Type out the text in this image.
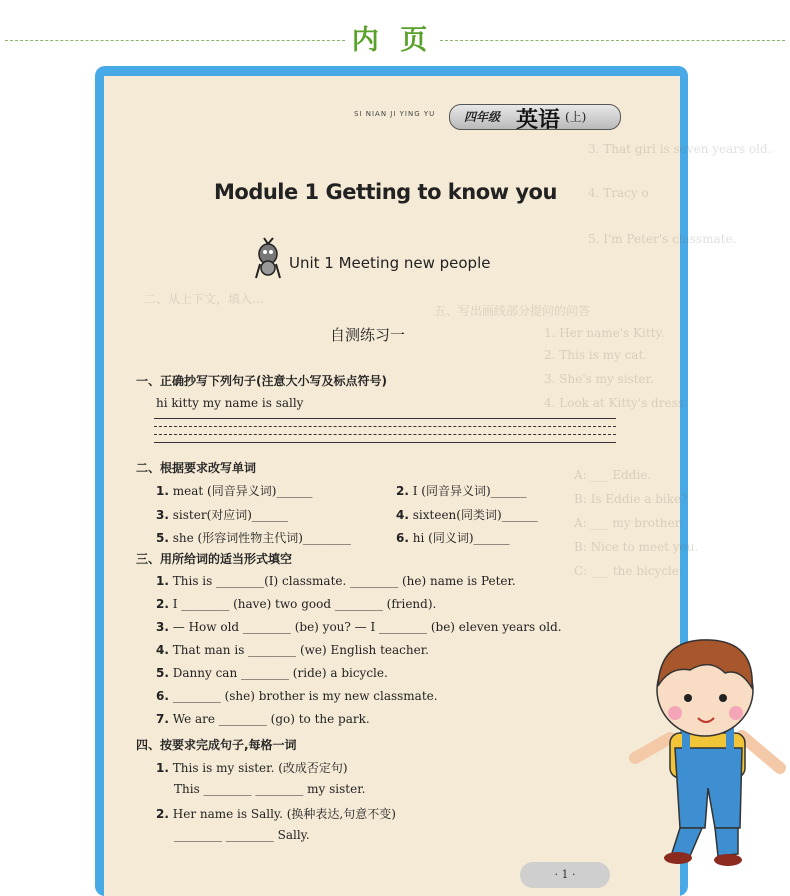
内 页
3. That girl is seven years old.
4. Tracy o
5. I'm Peter's classmate.
二、从上下文，填入…
五、写出画线部分提问的问答
1. Her name's Kitty.
2. This is my cat.
3. She's my sister.
4. Look at Kitty's dress.
A: ___ Eddie.
B: Is Eddie a bike?
A: ___ my brother.
B: Nice to meet you.
C: ___ the bicycle.
SI NIAN JI YING YU 四年级 英语 (上)
Module 1 Getting to know you
Unit 1 Meeting new people
自测练习一
一、正确抄写下列句子(注意大小写及标点符号)
hi kitty my name is sally
二、根据要求改写单词
1. meat (同音异义词)______	2. I (同音异义词)______
3. sister(对应词)______	4. sixteen(同类词)______
5. she (形容词性物主代词)________	6. hi (同义词)______
三、用所给词的适当形式填空
1. This is ________(I) classmate. ________ (he) name is Peter.
2. I ________ (have) two good ________ (friend).
3. — How old ________ (be) you? — I ________ (be) eleven years old.
4. That man is ________ (we) English teacher.
5. Danny can ________ (ride) a bicycle.
6. ________ (she) brother is my new classmate.
7. We are ________ (go) to the park.
四、按要求完成句子,每格一词
1. This is my sister. (改成否定句)
This ________ ________ my sister.
2. Her name is Sally. (换种表达,句意不变)
________ ________ Sally.
· 1 ·
